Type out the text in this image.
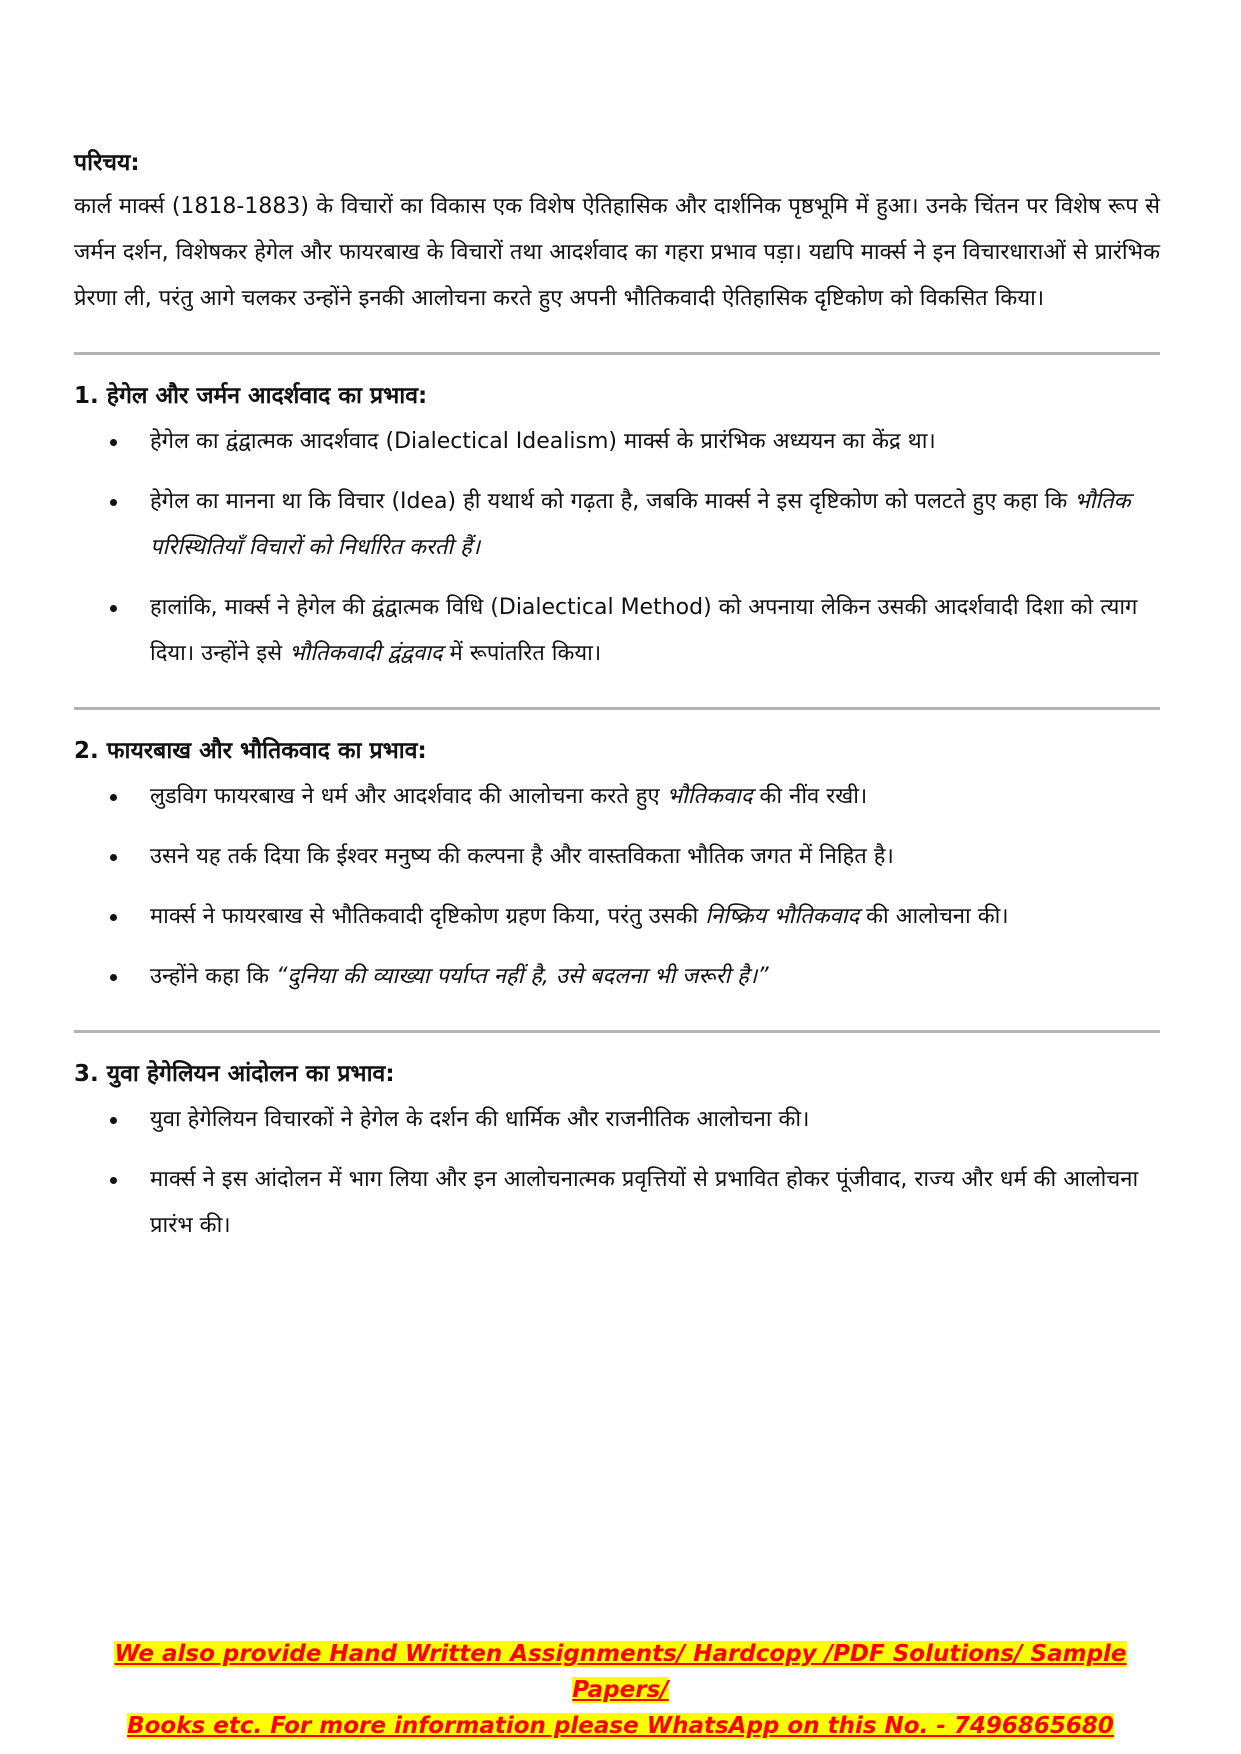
परिचय:

कार्ल मार्क्स (1818-1883) के विचारों का विकास एक विशेष ऐतिहासिक और दार्शनिक पृष्ठभूमि में हुआ। उनके चिंतन पर विशेष रूप से जर्मन दर्शन, विशेषकर हेगेल और फायरबाख के विचारों तथा आदर्शवाद का गहरा प्रभाव पड़ा। यद्यपि मार्क्स ने इन विचारधाराओं से प्रारंभिक प्रेरणा ली, परंतु आगे चलकर उन्होंने इनकी आलोचना करते हुए अपनी भौतिकवादी ऐतिहासिक दृष्टिकोण को विकसित किया।

1. हेगेल और जर्मन आदर्शवाद का प्रभाव:
हेगेल का द्वंद्वात्मक आदर्शवाद (Dialectical Idealism) मार्क्स के प्रारंभिक अध्ययन का केंद्र था।
हेगेल का मानना था कि विचार (Idea) ही यथार्थ को गढ़ता है, जबकि मार्क्स ने इस दृष्टिकोण को पलटते हुए कहा कि भौतिक परिस्थितियाँ विचारों को निर्धारित करती हैं।
हालांकि, मार्क्स ने हेगेल की द्वंद्वात्मक विधि (Dialectical Method) को अपनाया लेकिन उसकी आदर्शवादी दिशा को त्याग दिया। उन्होंने इसे भौतिकवादी द्वंद्ववाद में रूपांतरित किया।
2. फायरबाख और भौतिकवाद का प्रभाव:
लुडविग फायरबाख ने धर्म और आदर्शवाद की आलोचना करते हुए भौतिकवाद की नींव रखी।
उसने यह तर्क दिया कि ईश्वर मनुष्य की कल्पना है और वास्तविकता भौतिक जगत में निहित है।
मार्क्स ने फायरबाख से भौतिकवादी दृष्टिकोण ग्रहण किया, परंतु उसकी निष्क्रिय भौतिकवाद की आलोचना की।
उन्होंने कहा कि “दुनिया की व्याख्या पर्याप्त नहीं है, उसे बदलना भी जरूरी है।”
3. युवा हेगेलियन आंदोलन का प्रभाव:
युवा हेगेलियन विचारकों ने हेगेल के दर्शन की धार्मिक और राजनीतिक आलोचना की।
मार्क्स ने इस आंदोलन में भाग लिया और इन आलोचनात्मक प्रवृत्तियों से प्रभावित होकर पूंजीवाद, राज्य और धर्म की आलोचना प्रारंभ की।
We also provide Hand Written Assignments/ Hardcopy /PDF Solutions/ Sample Papers/
Books etc. For more information please WhatsApp on this No. - 7496865680
